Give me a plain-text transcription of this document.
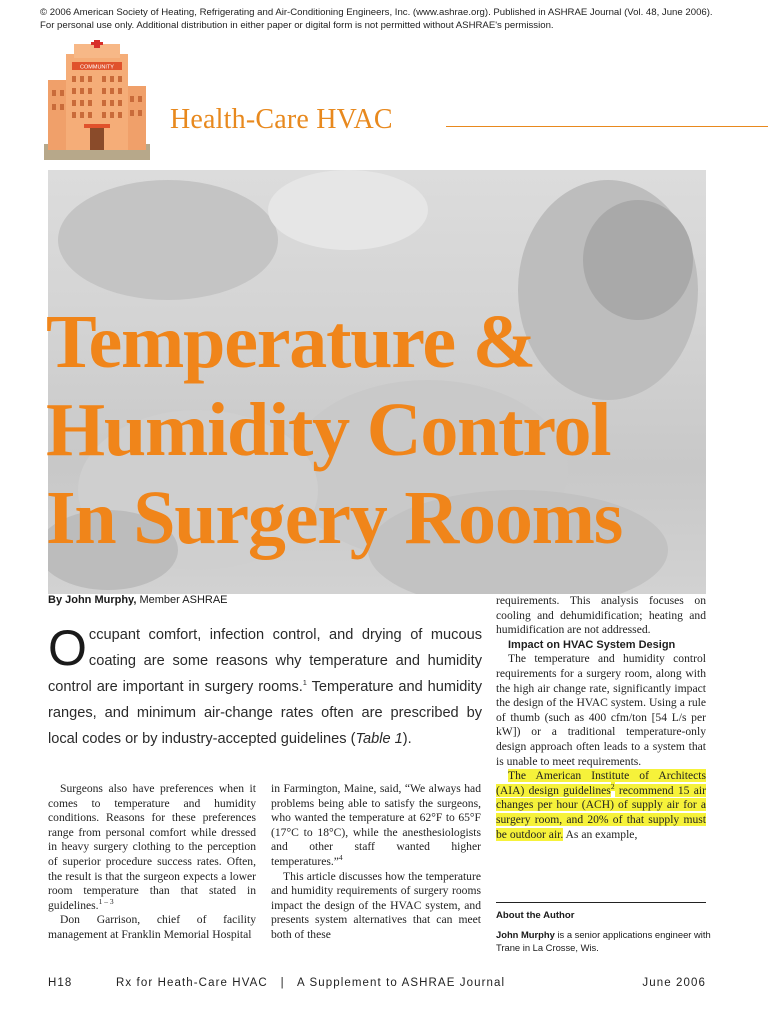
© 2006 American Society of Heating, Refrigerating and Air-Conditioning Engineers, Inc. (www.ashrae.org). Published in ASHRAE Journal (Vol. 48, June 2006).
For personal use only. Additional distribution in either paper or digital form is not permitted without ASHRAE's permission.
COMMUNITY
Health-Care HVAC
Temperature &
Humidity Control
In Surgery Rooms
By John Murphy, Member ASHRAE
Occupant comfort, infection control, and drying of mucous coating are some reasons why temperature and humidity control are important in surgery rooms.$^1$ Temperature and humidity ranges, and minimum air-change rates often are prescribed by local codes or by industry-accepted guidelines (Table 1).

Surgeons also have preferences when it comes to temperature and humidity conditions. Reasons for these preferences range from personal comfort while dressed in heavy surgery clothing to the perception of superior procedure success rates. Often, the result is that the surgeon expects a lower room temperature than that stated in guidelines.$^{1 - 3}$

Don Garrison, chief of facility management at Franklin Memorial Hospital

in Farmington, Maine, said, “We always had problems being able to satisfy the surgeons, who wanted the temperature at 62°F to 65°F (17°C to 18°C), while the anesthesiologists and other staff wanted higher temperatures.”$^4$

This article discusses how the temperature and humidity requirements of surgery rooms impact the design of the HVAC system, and presents system alternatives that can meet both of these

requirements. This analysis focuses on cooling and dehumidification; heating and humidification are not addressed.

Impact on HVAC System Design

The temperature and humidity control requirements for a surgery room, along with the high air change rate, significantly impact the design of the HVAC system. Using a rule of thumb (such as 400 cfm/ton [54 L/s per kW]) or a traditional temperature-only design approach often leads to a system that is unable to meet requirements.

The American Institute of Architects (AIA) design guidelines$^2$ recommend 15 air changes per hour (ACH) of supply air for a surgery room, and 20% of that supply must be outdoor air. As an example,

About the Author
John Murphy is a senior applications engineer with Trane in La Crosse, Wis.
H18	Rx for Heath-Care HVAC   |   A Supplement to ASHRAE Journal	June 2006
